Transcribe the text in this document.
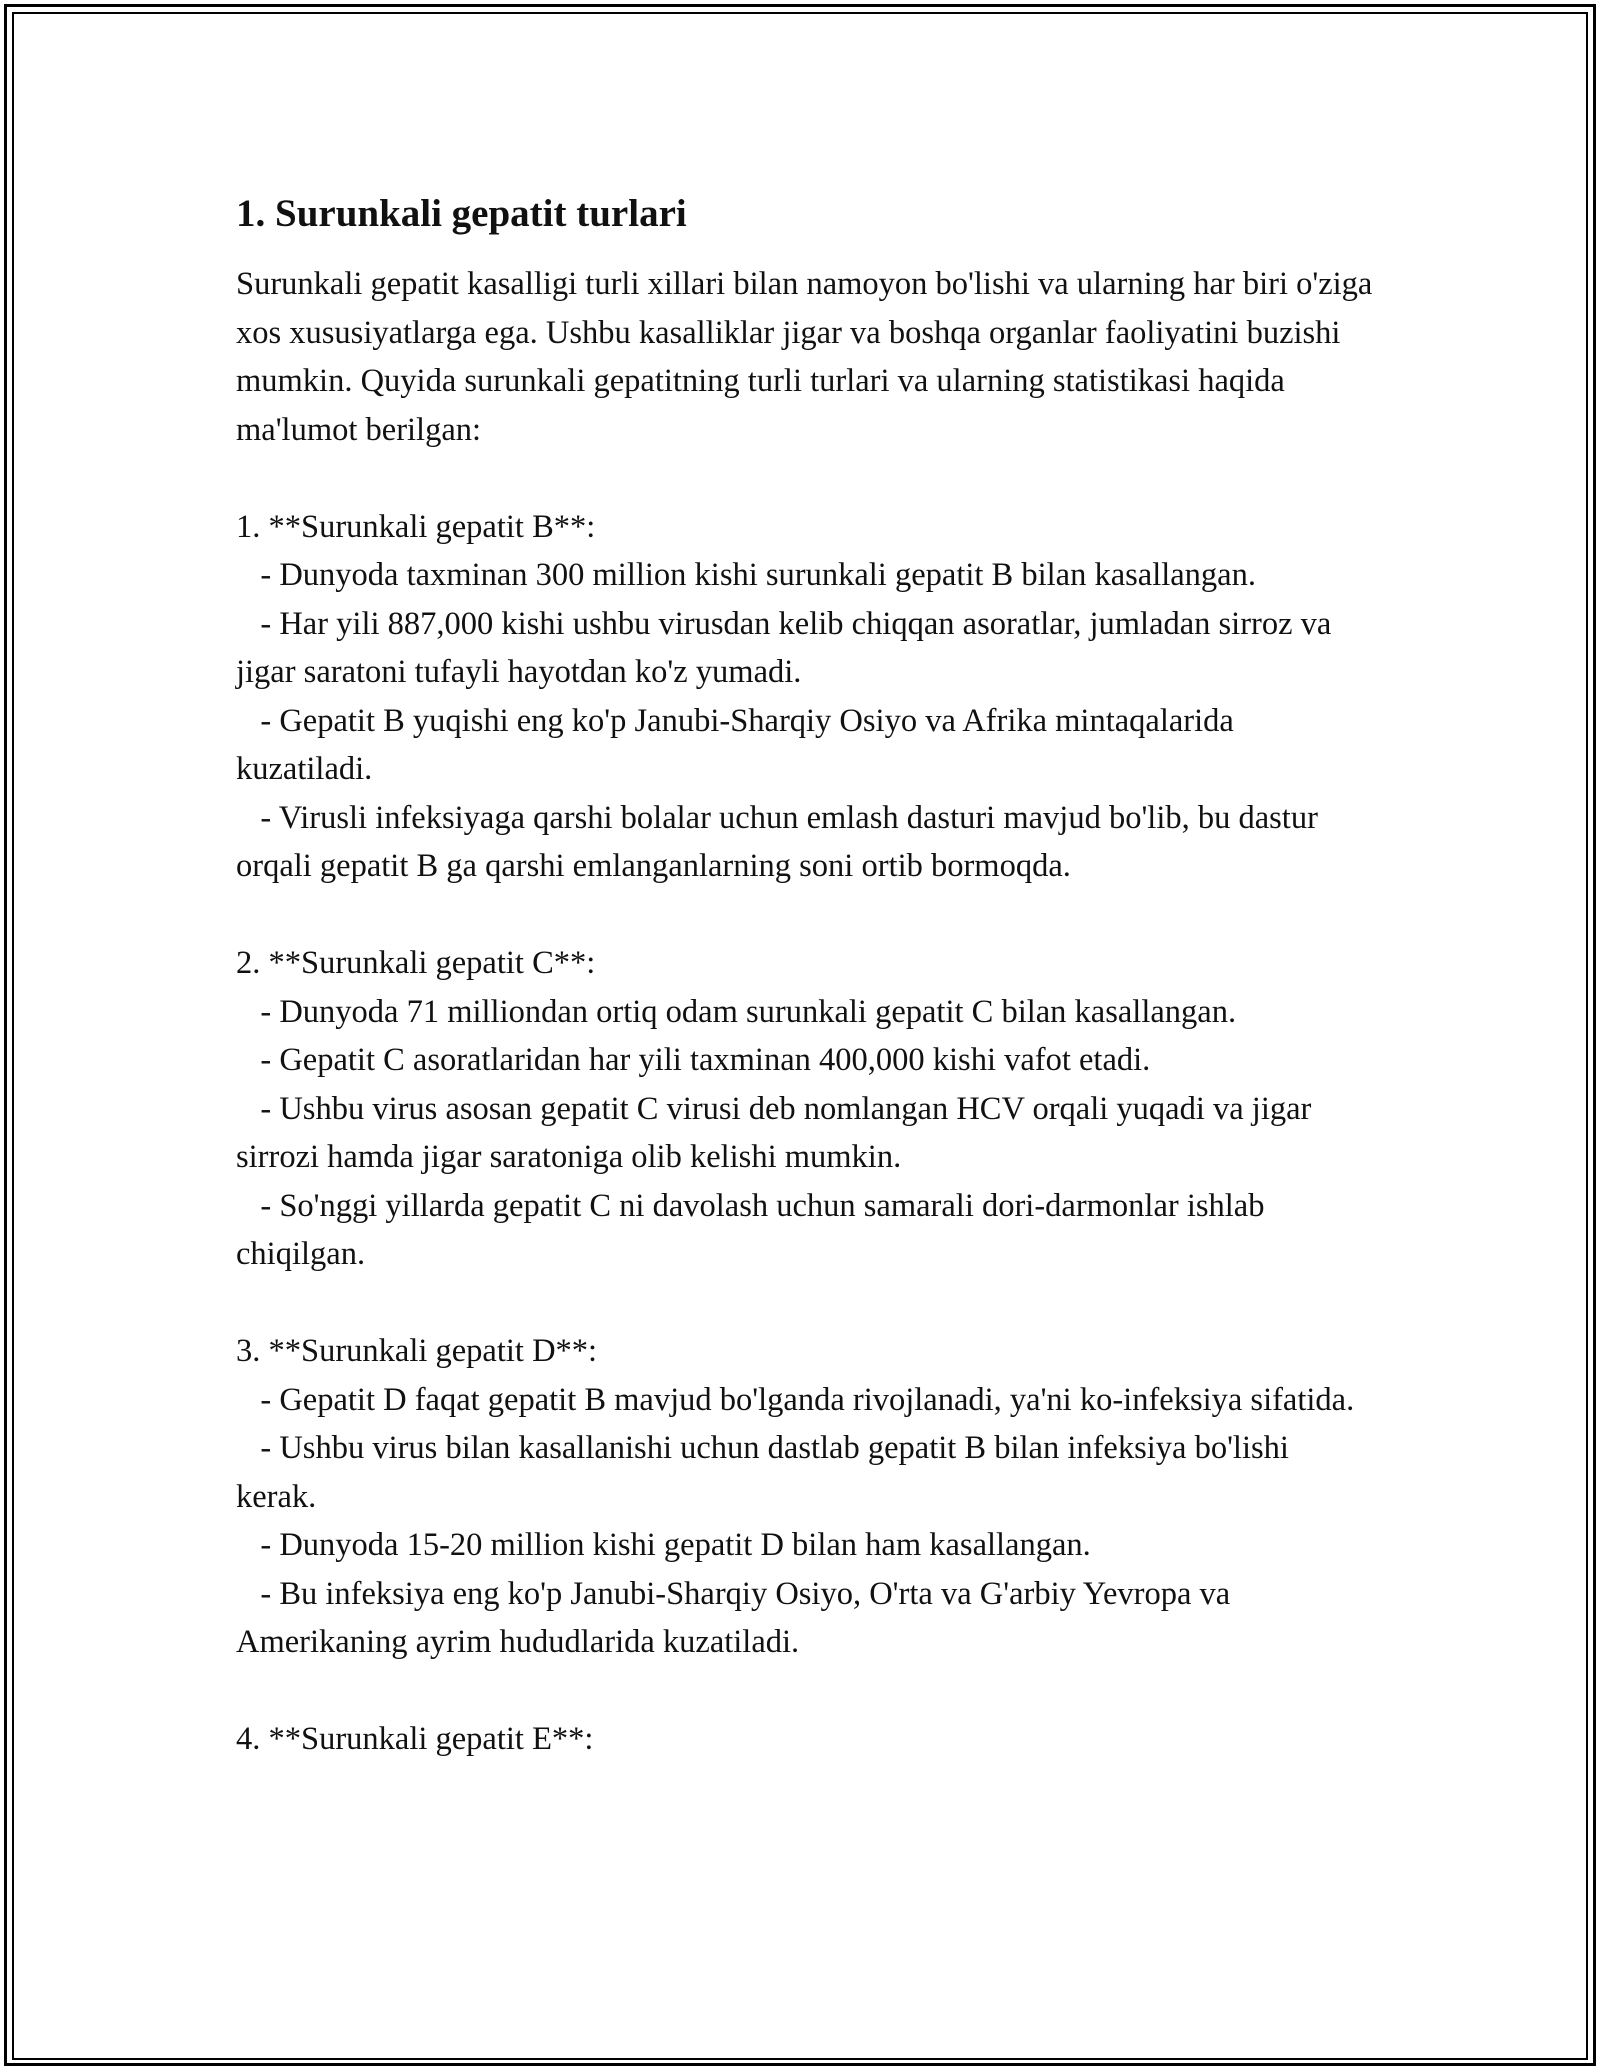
1. Surunkali gepatit turlari

Surunkali gepatit kasalligi turli xillari bilan namoyon bo'lishi va ularning har biri o'ziga xos xususiyatlarga ega. Ushbu kasalliklar jigar va boshqa organlar faoliyatini buzishi mumkin. Quyida surunkali gepatitning turli turlari va ularning statistikasi haqida ma'lumot berilgan:

1. **Surunkali gepatit B**:
- Dunyoda taxminan 300 million kishi surunkali gepatit B bilan kasallangan.
- Har yili 887,000 kishi ushbu virusdan kelib chiqqan asoratlar, jumladan sirroz va jigar saratoni tufayli hayotdan ko'z yumadi.
- Gepatit B yuqishi eng ko'p Janubi-Sharqiy Osiyo va Afrika mintaqalarida kuzatiladi.
- Virusli infeksiyaga qarshi bolalar uchun emlash dasturi mavjud bo'lib, bu dastur orqali gepatit B ga qarshi emlanganlarning soni ortib bormoqda.
2. **Surunkali gepatit C**:
- Dunyoda 71 milliondan ortiq odam surunkali gepatit C bilan kasallangan.
- Gepatit C asoratlaridan har yili taxminan 400,000 kishi vafot etadi.
- Ushbu virus asosan gepatit C virusi deb nomlangan HCV orqali yuqadi va jigar sirrozi hamda jigar saratoniga olib kelishi mumkin.
- So'nggi yillarda gepatit C ni davolash uchun samarali dori-darmonlar ishlab chiqilgan.
3. **Surunkali gepatit D**:
- Gepatit D faqat gepatit B mavjud bo'lganda rivojlanadi, ya'ni ko-infeksiya sifatida.
- Ushbu virus bilan kasallanishi uchun dastlab gepatit B bilan infeksiya bo'lishi kerak.
- Dunyoda 15-20 million kishi gepatit D bilan ham kasallangan.
- Bu infeksiya eng ko'p Janubi-Sharqiy Osiyo, O'rta va G'arbiy Yevropa va Amerikaning ayrim hududlarida kuzatiladi.
4. **Surunkali gepatit E**:
